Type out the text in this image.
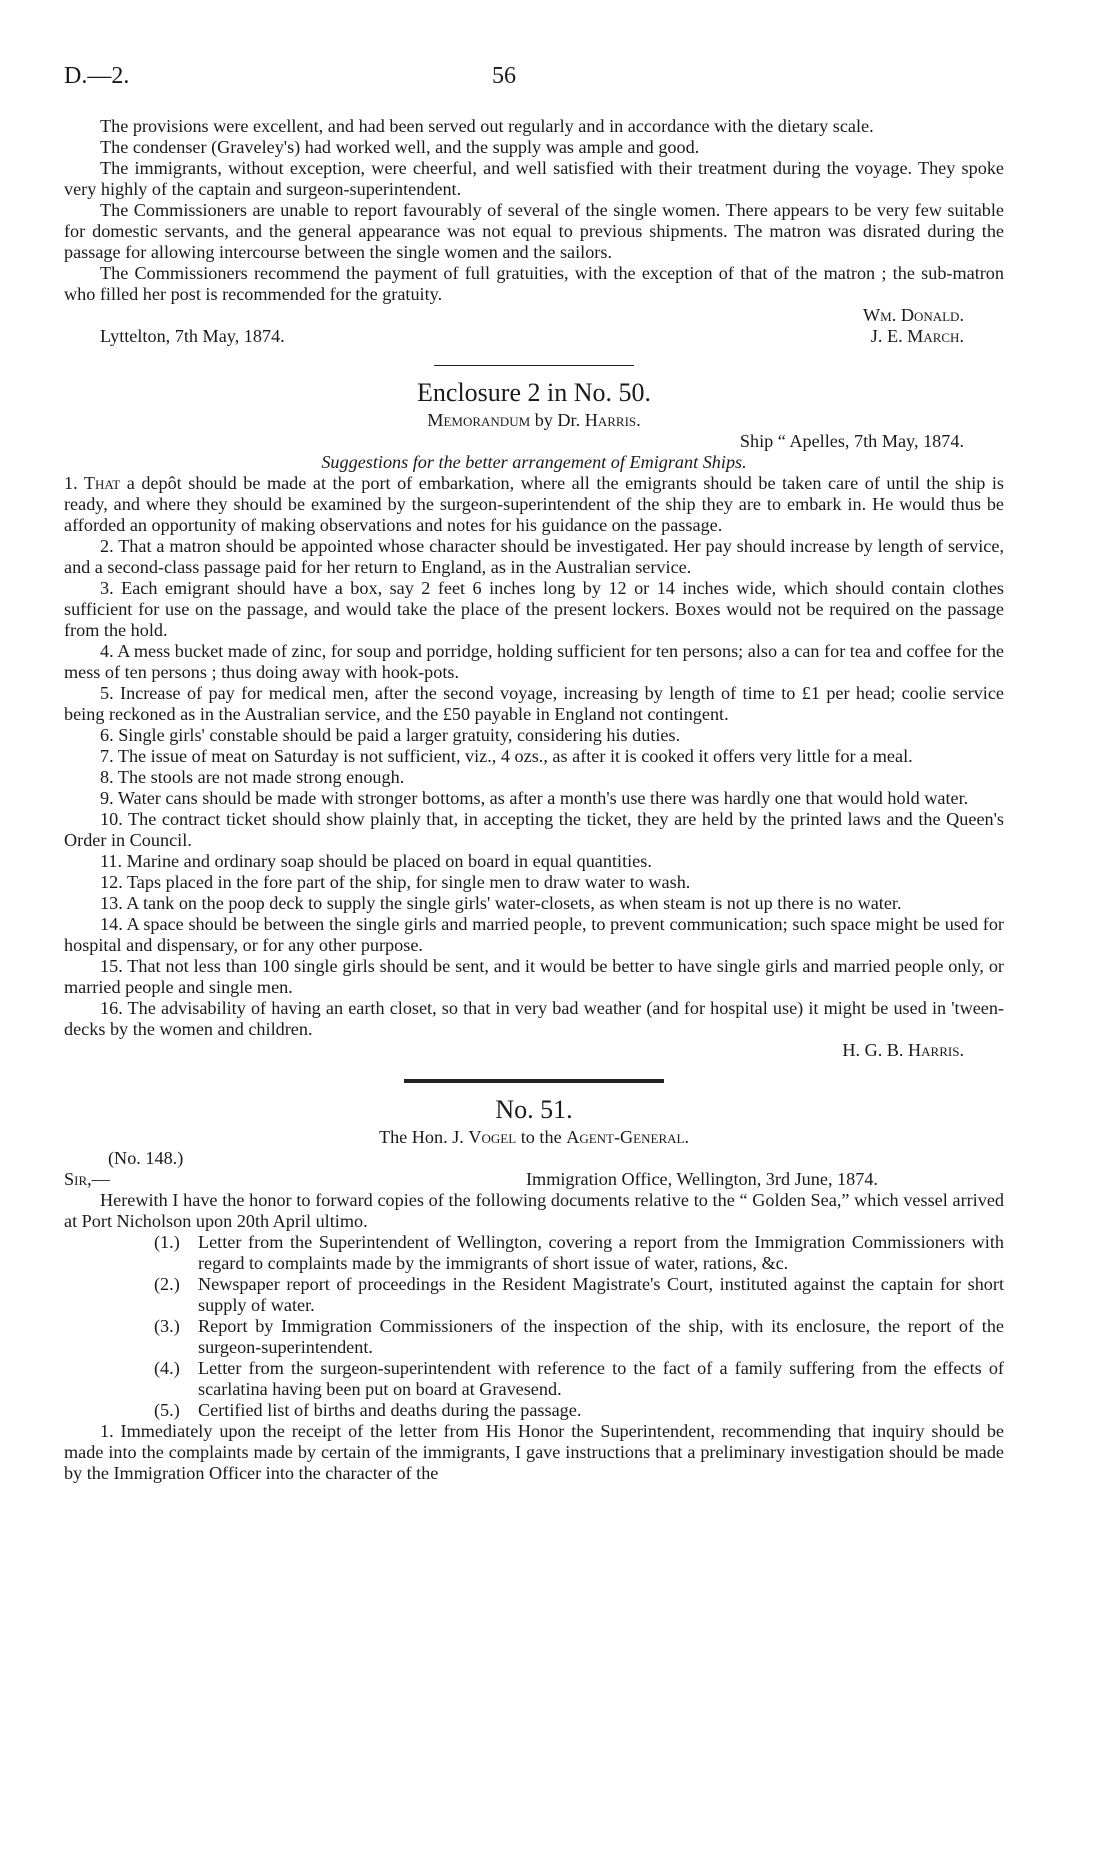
D.—2.	56

The provisions were excellent, and had been served out regularly and in accordance with the dietary scale.

The condenser (Graveley's) had worked well, and the supply was ample and good.

The immigrants, without exception, were cheerful, and well satisfied with their treatment during the voyage. They spoke very highly of the captain and surgeon-superintendent.

The Commissioners are unable to report favourably of several of the single women. There appears to be very few suitable for domestic servants, and the general appearance was not equal to previous shipments. The matron was disrated during the passage for allowing intercourse between the single women and the sailors.

The Commissioners recommend the payment of full gratuities, with the exception of that of the matron ; the sub-matron who filled her post is recommended for the gratuity.

Wm. Donald.
Lyttelton, 7th May, 1874.	J. E. March.
Enclosure 2 in No. 50.
Memorandum by Dr. Harris.
Ship “ Apelles, 7th May, 1874.
Suggestions for the better arrangement of Emigrant Ships.

1. That a depôt should be made at the port of embarkation, where all the emigrants should be taken care of until the ship is ready, and where they should be examined by the surgeon-superintendent of the ship they are to embark in. He would thus be afforded an opportunity of making observations and notes for his guidance on the passage.

2. That a matron should be appointed whose character should be investigated. Her pay should increase by length of service, and a second-class passage paid for her return to England, as in the Australian service.

3. Each emigrant should have a box, say 2 feet 6 inches long by 12 or 14 inches wide, which should contain clothes sufficient for use on the passage, and would take the place of the present lockers. Boxes would not be required on the passage from the hold.

4. A mess bucket made of zinc, for soup and porridge, holding sufficient for ten persons; also a can for tea and coffee for the mess of ten persons ; thus doing away with hook-pots.

5. Increase of pay for medical men, after the second voyage, increasing by length of time to £1 per head; coolie service being reckoned as in the Australian service, and the £50 payable in England not contingent.

6. Single girls' constable should be paid a larger gratuity, considering his duties.

7. The issue of meat on Saturday is not sufficient, viz., 4 ozs., as after it is cooked it offers very little for a meal.

8. The stools are not made strong enough.

9. Water cans should be made with stronger bottoms, as after a month's use there was hardly one that would hold water.

10. The contract ticket should show plainly that, in accepting the ticket, they are held by the printed laws and the Queen's Order in Council.

11. Marine and ordinary soap should be placed on board in equal quantities.

12. Taps placed in the fore part of the ship, for single men to draw water to wash.

13. A tank on the poop deck to supply the single girls' water-closets, as when steam is not up there is no water.

14. A space should be between the single girls and married people, to prevent communication; such space might be used for hospital and dispensary, or for any other purpose.

15. That not less than 100 single girls should be sent, and it would be better to have single girls and married people only, or married people and single men.

16. The advisability of having an earth closet, so that in very bad weather (and for hospital use) it might be used in 'tween-decks by the women and children.

H. G. B. Harris.
No. 51.
The Hon. J. Vogel to the Agent-General.
(No. 148.)
Sir,—	Immigration Office, Wellington, 3rd June, 1874.

Herewith I have the honor to forward copies of the following documents relative to the “ Golden Sea,” which vessel arrived at Port Nicholson upon 20th April ultimo.

(1.)	Letter from the Superintendent of Wellington, covering a report from the Immigration Commissioners with regard to complaints made by the immigrants of short issue of water, rations, &c.
(2.)	Newspaper report of proceedings in the Resident Magistrate's Court, instituted against the captain for short supply of water.
(3.)	Report by Immigration Commissioners of the inspection of the ship, with its enclosure, the report of the surgeon-superintendent.
(4.)	Letter from the surgeon-superintendent with reference to the fact of a family suffering from the effects of scarlatina having been put on board at Gravesend.
(5.)	Certified list of births and deaths during the passage.

1. Immediately upon the receipt of the letter from His Honor the Superintendent, recommending that inquiry should be made into the complaints made by certain of the immigrants, I gave instructions that a preliminary investigation should be made by the Immigration Officer into the character of the
